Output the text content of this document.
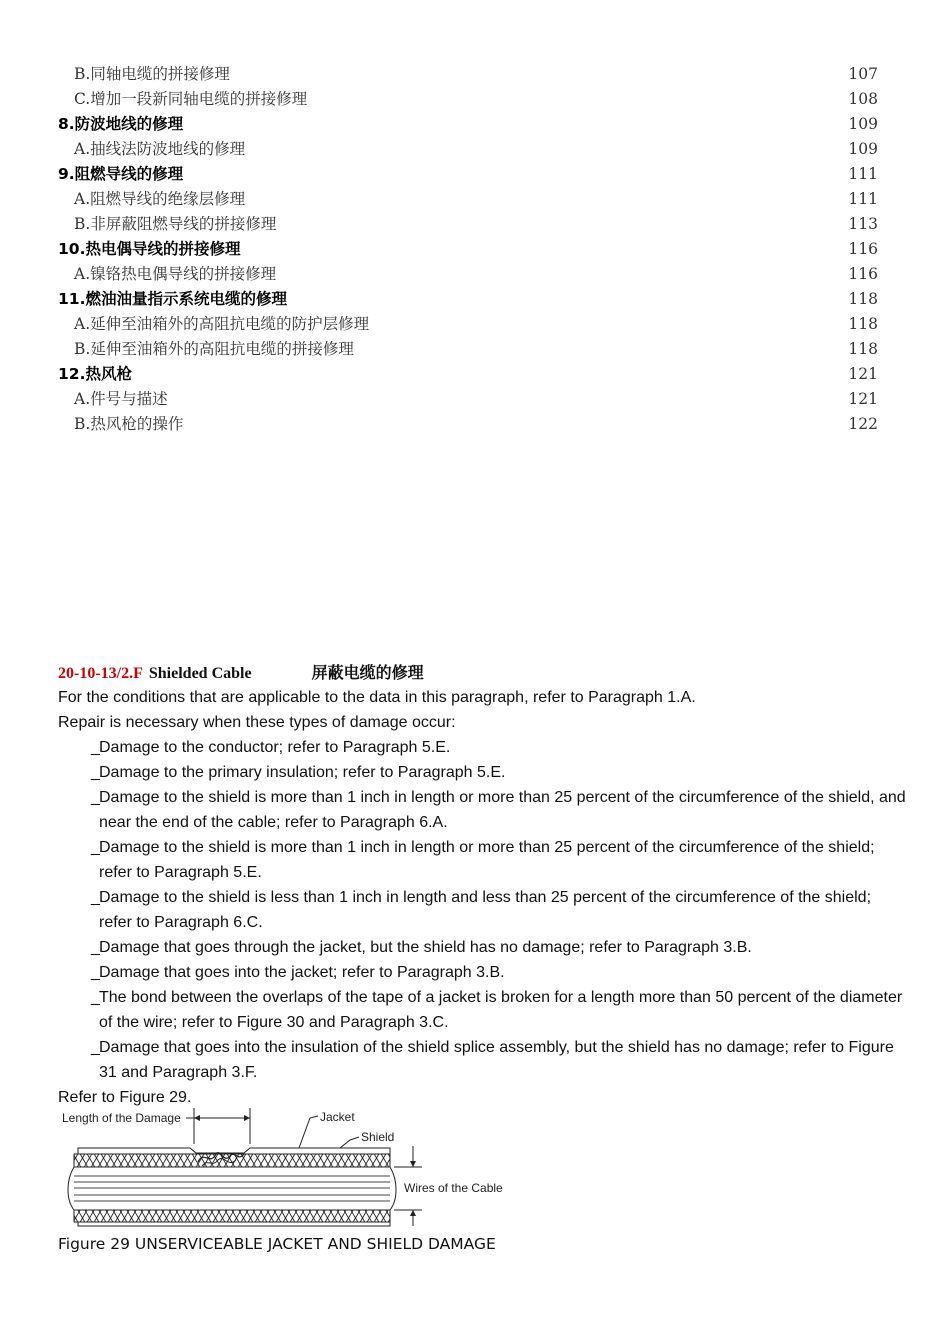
B.同轴电缆的拼接修理	107
C.增加一段新同轴电缆的拼接修理	108
8.防波地线的修理	109
A.抽线法防波地线的修理	109
9.阻燃导线的修理	111
A.阻燃导线的绝缘层修理	111
B.非屏蔽阻燃导线的拼接修理	113
10.热电偶导线的拼接修理	116
A.镍铬热电偶导线的拼接修理	116
11.燃油油量指示系统电缆的修理	118
A.延伸至油箱外的高阻抗电缆的防护层修理	118
B.延伸至油箱外的高阻抗电缆的拼接修理	118
12.热风枪	121
A.件号与描述	121
B.热风枪的操作	122
20-10-13/2.F Shielded Cable	屏蔽电缆的修理
For the conditions that are applicable to the data in this paragraph, refer to Paragraph 1.A.
Repair is necessary when these types of damage occur:
_ Damage to the conductor; refer to Paragraph 5.E.
_ Damage to the primary insulation; refer to Paragraph 5.E.
_ Damage to the shield is more than 1 inch in length or more than 25 percent of the circumference of the shield, and near the end of the cable; refer to Paragraph 6.A.
_ Damage to the shield is more than 1 inch in length or more than 25 percent of the circumference of the shield; refer to Paragraph 5.E.
_ Damage to the shield is less than 1 inch in length and less than 25 percent of the circumference of the shield; refer to Paragraph 6.C.
_ Damage that goes through the jacket, but the shield has no damage; refer to Paragraph 3.B.
_ Damage that goes into the jacket; refer to Paragraph 3.B.
_ The bond between the overlaps of the tape of a jacket is broken for a length more than 50 percent of the diameter of the wire; refer to Figure 30 and Paragraph 3.C.
_ Damage that goes into the insulation of the shield splice assembly, but the shield has no damage; refer to Figure 31 and Paragraph 3.F.
Refer to Figure 29.
Length of the Damage	Jacket
Shield
Wires of the Cable
Figure 29 UNSERVICEABLE JACKET AND SHIELD DAMAGE
